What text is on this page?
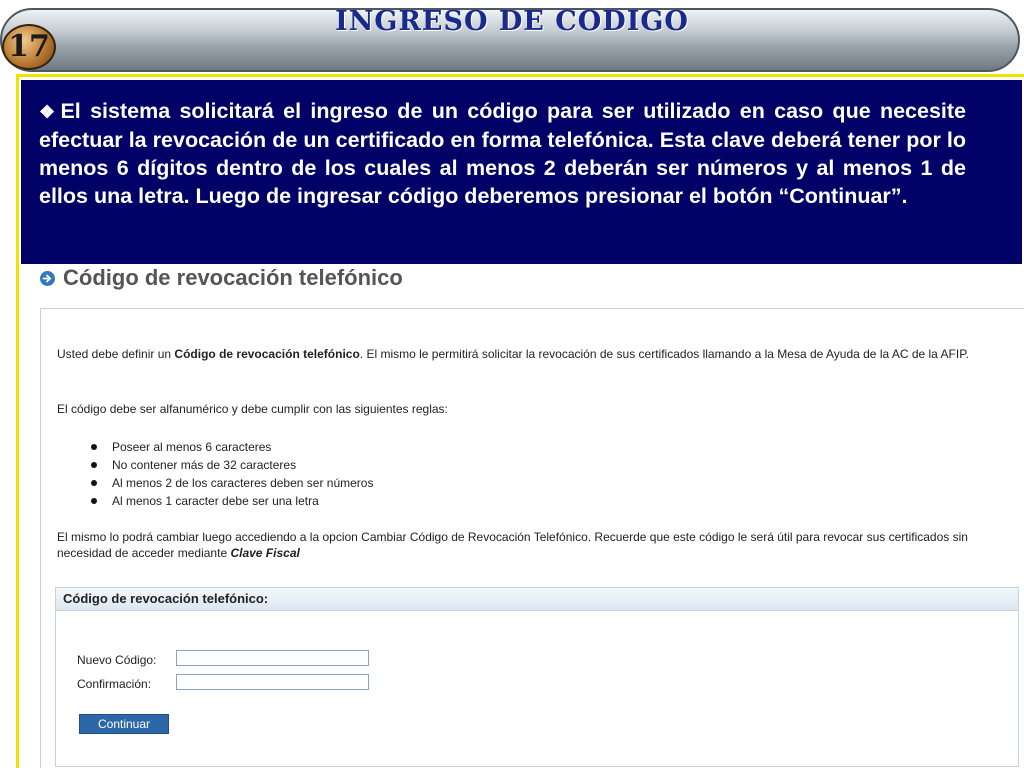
INGRESO DE CODIGO
17
❖El sistema solicitará el ingreso de un código para ser utilizado en caso que necesite efectuar la revocación de un certificado en forma telefónica. Esta clave deberá tener por lo menos 6 dígitos dentro de los cuales al menos 2 deberán ser números y al menos 1 de ellos una letra. Luego de ingresar código deberemos presionar el botón “Continuar”.
Código de revocación telefónico

Usted debe definir un Código de revocación telefónico. El mismo le permitirá solicitar la revocación de sus certificados llamando a la Mesa de Ayuda de la AC de la AFIP.

El código debe ser alfanumérico y debe cumplir con las siguientes reglas:

Poseer al menos 6 caracteres
No contener más de 32 caracteres
Al menos 2 de los caracteres deben ser números
Al menos 1 caracter debe ser una letra

El mismo lo podrá cambiar luego accediendo a la opcion Cambiar Código de Revocación Telefónico. Recuerde que este código le será útil para revocar sus certificados sin necesidad de acceder mediante Clave Fiscal

Código de revocación telefónico:
Nuevo Código:
Confirmación:
Continuar
